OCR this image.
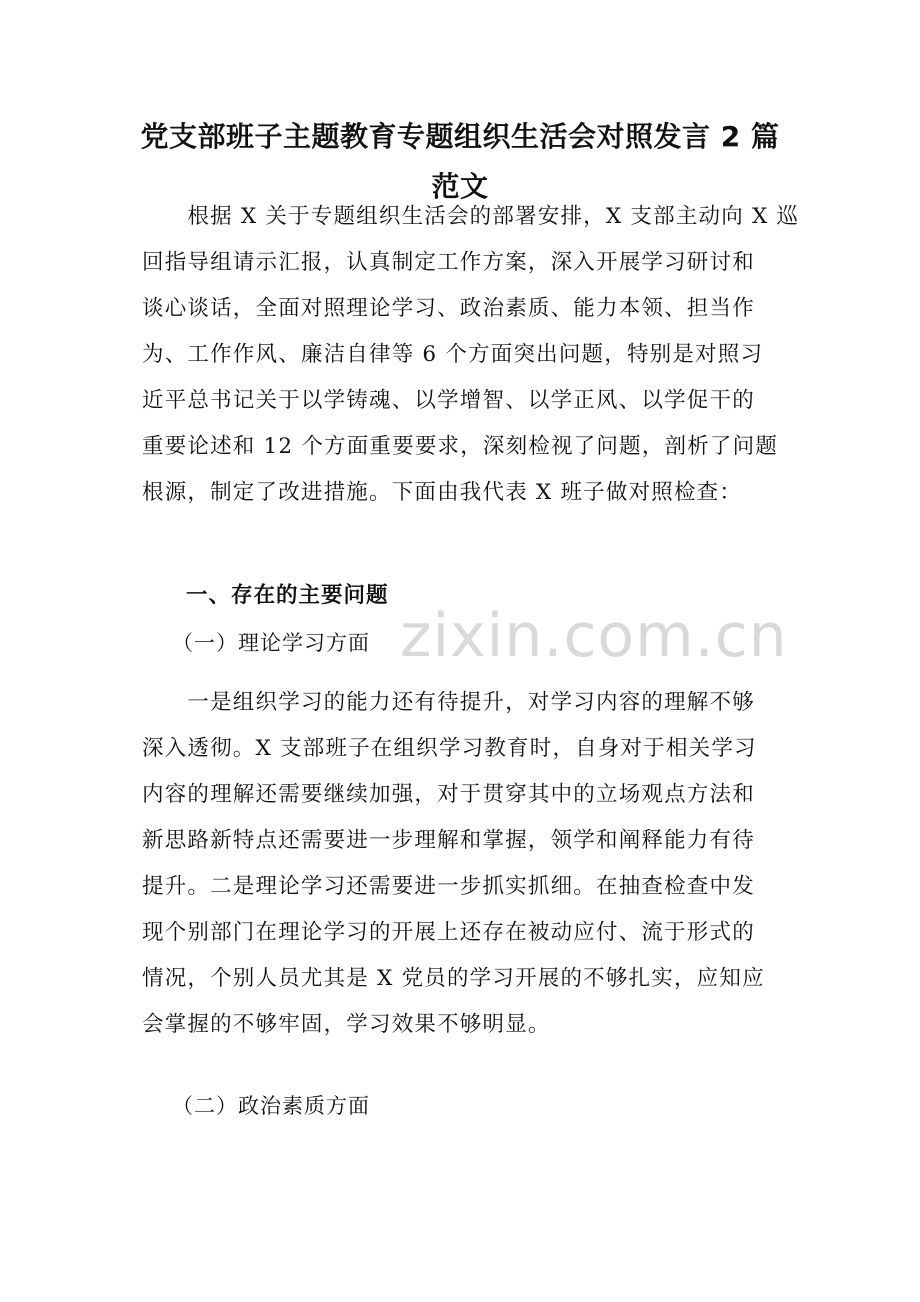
党支部班子主题教育专题组织生活会对照发言 2 篇
范文
　　根据 X 关于专题组织生活会的部署安排，X 支部主动向 X 巡
回指导组请示汇报，认真制定工作方案，深入开展学习研讨和
谈心谈话，全面对照理论学习、政治素质、能力本领、担当作
为、工作作风、廉洁自律等 6 个方面突出问题，特别是对照习
近平总书记关于以学铸魂、以学增智、以学正风、以学促干的
重要论述和 12 个方面重要要求，深刻检视了问题，剖析了问题
根源，制定了改进措施。下面由我代表 X 班子做对照检查：
一、存在的主要问题
（一）理论学习方面
　　一是组织学习的能力还有待提升，对学习内容的理解不够
深入透彻。X 支部班子在组织学习教育时，自身对于相关学习
内容的理解还需要继续加强，对于贯穿其中的立场观点方法和
新思路新特点还需要进一步理解和掌握，领学和阐释能力有待
提升。二是理论学习还需要进一步抓实抓细。在抽查检查中发
现个别部门在理论学习的开展上还存在被动应付、流于形式的
情况，个别人员尤其是 X 党员的学习开展的不够扎实，应知应
会掌握的不够牢固，学习效果不够明显。
（二）政治素质方面
zixin.com.cn
